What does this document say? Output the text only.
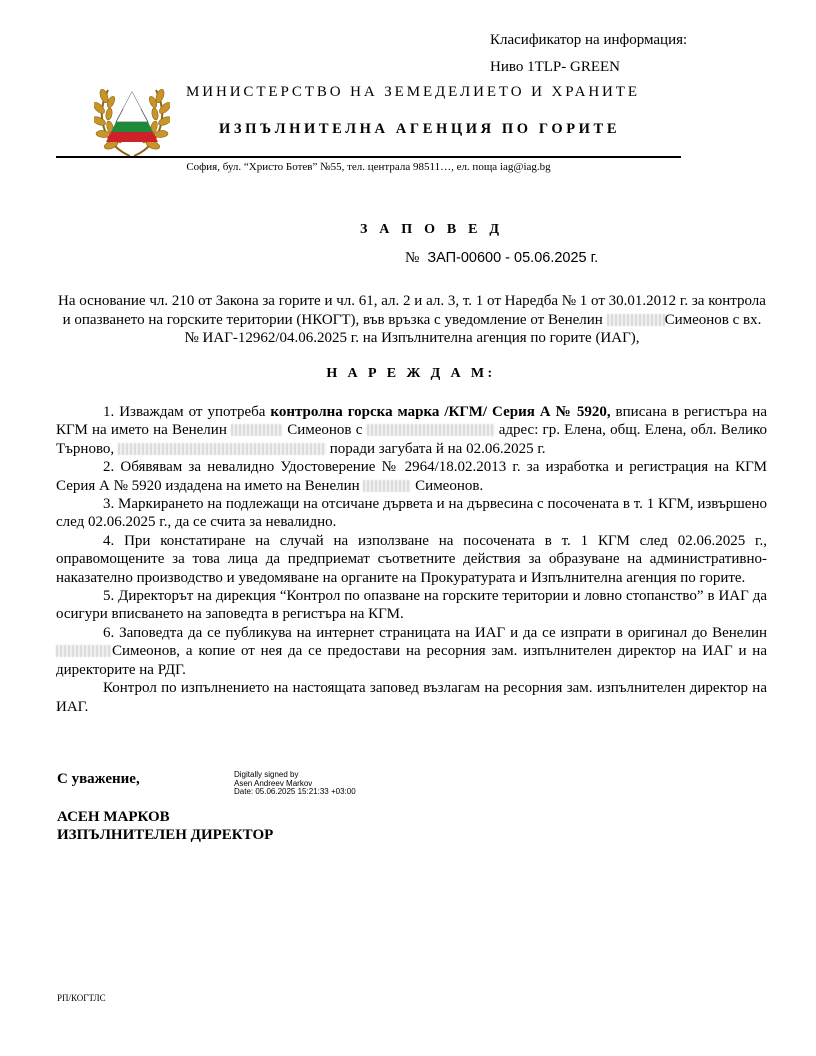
Класификатор на информация:
Ниво 1TLP- GREEN
МИНИСТЕРСТВО НА ЗЕМЕДЕЛИЕТО И ХРАНИТЕ
ИЗПЪЛНИТЕЛНА АГЕНЦИЯ ПО ГОРИТЕ
София, бул. “Христо Ботев” №55, тел. централа 98511…, ел. поща iag@iag.bg
З А П О В Е Д
№ ЗАП-00600 - 05.06.2025 г.
На основание чл. 210 от Закона за горите и чл. 61, ал. 2 и ал. 3, т. 1 от Наредба № 1 от 30.01.2012 г. за контрола и опазването на горските територии (НКОГТ), във връзка с уведомление от Венелин	Симеонов с вх. № ИАГ-12962/04.06.2025 г. на Изпълнителна агенция по горите (ИАГ),
Н А Р Е Ж Д А М:

1. Изваждам от употреба контролна горска марка /КГМ/ Серия А № 5920, вписана в регистъра на КГМ на името на Венелин	Симеонов с	адрес: гр. Елена, общ. Елена, обл. Велико Търново,	поради загубата й на 02.06.2025 г.

2. Обявявам за невалидно Удостоверение № 2964/18.02.2013 г. за изработка и регистрация на КГМ Серия А № 5920 издадена на името на Венелин	Симеонов.

3. Маркирането на подлежащи на отсичане дървета и на дървесина с посочената в т. 1 КГМ, извършено след 02.06.2025 г., да се счита за невалидно.

4. При констатиране на случай на използване на посочената в т. 1 КГМ след 02.06.2025 г., оправомощените за това лица да предприемат съответните действия за образуване на административно-наказателно производство и уведомяване на органите на Прокуратурата и Изпълнителна агенция по горите.

5. Директорът на дирекция “Контрол по опазване на горските територии и ловно стопанство” в ИАГ да осигури вписването на заповедта в регистъра на КГМ.

6. Заповедта да се публикува на интернет страницата на ИАГ и да се изпрати в оригинал до Венелин Симеонов, а копие от нея да се предостави на ресорния зам. изпълнителен директор на ИАГ и на директорите на РДГ.

Контрол по изпълнението на настоящата заповед възлагам на ресорния зам. изпълнителен директор на ИАГ.

С уважение,	Digitally signed by
Asen Andreev Markov
Date: 05.06.2025 15:21:33 +03:00
АСЕН МАРКОВ
ИЗПЪЛНИТЕЛЕН ДИРЕКТОР
РП/КОГТЛС
